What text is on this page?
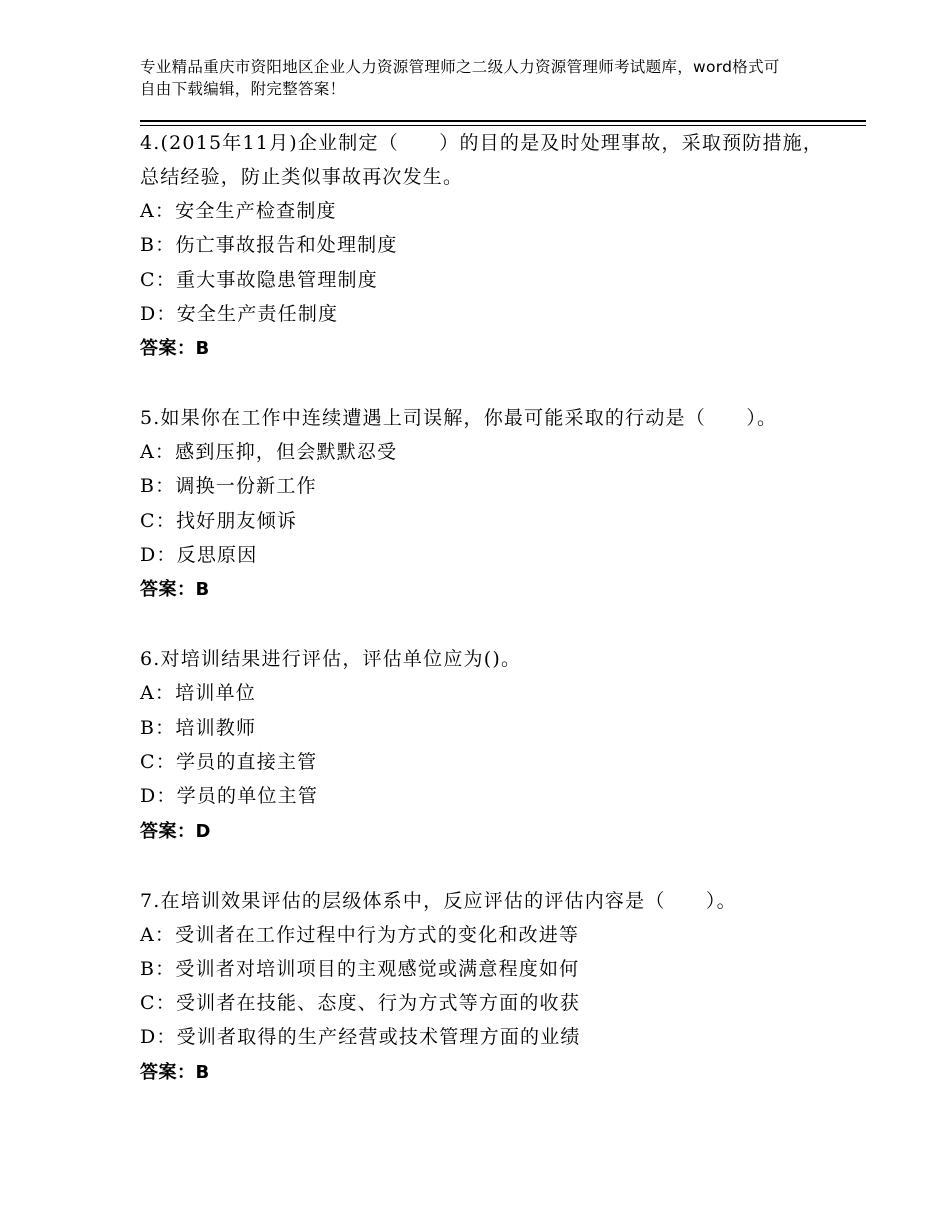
专业精品重庆市资阳地区企业人力资源管理师之二级人力资源管理师考试题库，word格式可自由下载编辑，附完整答案！
4.(2015年11月)企业制定（　　）的目的是及时处理事故，采取预防措施，总结经验，防止类似事故再次发生。
A：安全生产检查制度
B：伤亡事故报告和处理制度
C：重大事故隐患管理制度
D：安全生产责任制度
答案：B
5.如果你在工作中连续遭遇上司误解，你最可能采取的行动是（　　）。
A：感到压抑，但会默默忍受
B：调换一份新工作
C：找好朋友倾诉
D：反思原因
答案：B
6.对培训结果进行评估，评估单位应为()。
A：培训单位
B：培训教师
C：学员的直接主管
D：学员的单位主管
答案：D
7.在培训效果评估的层级体系中，反应评估的评估内容是（　　）。
A：受训者在工作过程中行为方式的变化和改进等
B：受训者对培训项目的主观感觉或满意程度如何
C：受训者在技能、态度、行为方式等方面的收获
D：受训者取得的生产经营或技术管理方面的业绩
答案：B
